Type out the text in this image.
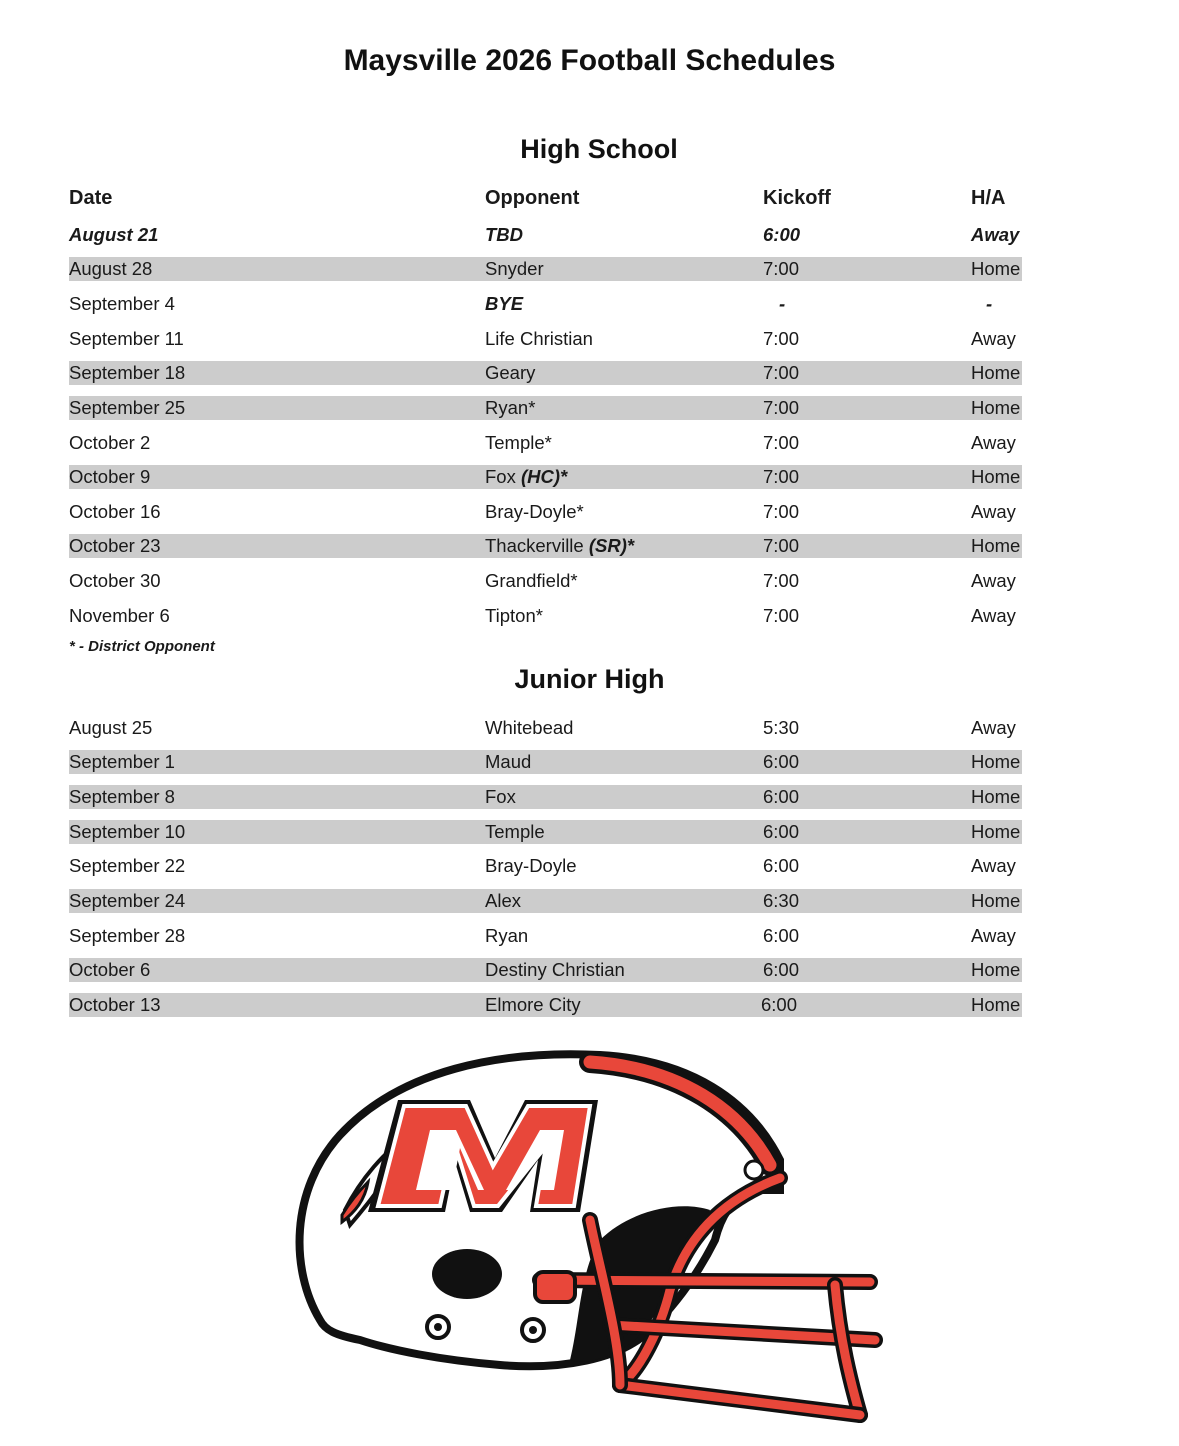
Maysville 2026 Football Schedules
High School
Date	Opponent	Kickoff	H/A
August 21	TBD	6:00	Away
August 28	Snyder	7:00	Home
September 4	BYE	-	-
September 11	Life Christian	7:00	Away
September 18	Geary	7:00	Home
September 25	Ryan*	7:00	Home
October 2	Temple*	7:00	Away
October 9	Fox (HC)*	7:00	Home
October 16	Bray-Doyle*	7:00	Away
October 23	Thackerville (SR)*	7:00	Home
October 30	Grandfield*	7:00	Away
November 6	Tipton*	7:00	Away
* - District Opponent
Junior High
August 25	Whitebead	5:30	Away
September 1	Maud	6:00	Home
September 8	Fox	6:00	Home
September 10	Temple	6:00	Home
September 22	Bray-Doyle	6:00	Away
September 24	Alex	6:30	Home
September 28	Ryan	6:00	Away
October 6	Destiny Christian	6:00	Home
October 13	Elmore City	6:00	Home
